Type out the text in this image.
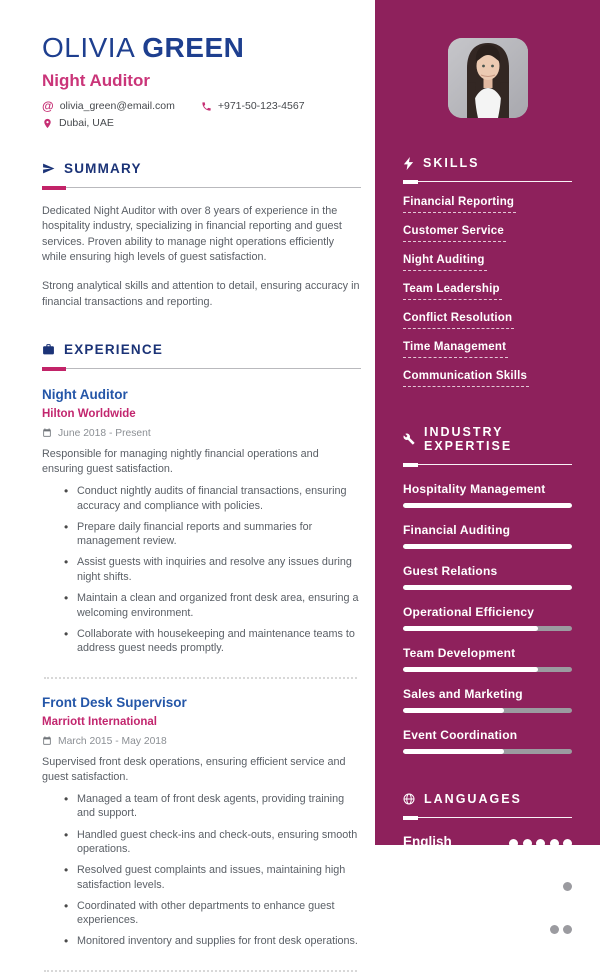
OLIVIA GREEN
Night Auditor
@ olivia_green@email.com	+971-50-123-4567
Dubai, UAE
SUMMARY

Dedicated Night Auditor with over 8 years of experience in the hospitality industry, specializing in financial reporting and guest services. Proven ability to manage night operations efficiently while ensuring high levels of guest satisfaction.

Strong analytical skills and attention to detail, ensuring accuracy in financial transactions and reporting.

EXPERIENCE
Night Auditor
Hilton Worldwide
June 2018 - Present
Responsible for managing nightly financial operations and ensuring guest satisfaction.
• Conduct nightly audits of financial transactions, ensuring accuracy and compliance with policies.
• Prepare daily financial reports and summaries for management review.
• Assist guests with inquiries and resolve any issues during night shifts.
• Maintain a clean and organized front desk area, ensuring a welcoming environment.
• Collaborate with housekeeping and maintenance teams to address guest needs promptly.
Front Desk Supervisor
Marriott International
March 2015 - May 2018
Supervised front desk operations, ensuring efficient service and guest satisfaction.
• Managed a team of front desk agents, providing training and support.
• Handled guest check-ins and check-outs, ensuring smooth operations.
• Resolved guest complaints and issues, maintaining high satisfaction levels.
• Coordinated with other departments to enhance guest experiences.
• Monitored inventory and supplies for front desk operations.
SKILLS
Financial Reporting
Customer Service
Night Auditing
Team Leadership
Conflict Resolution
Time Management
Communication Skills
INDUSTRY EXPERTISE
Hospitality Management
Financial Auditing
Guest Relations
Operational Efficiency
Team Development
Sales and Marketing
Event Coordination
LANGUAGES
English
Native
Arabic
Fluent
French
Advanced
